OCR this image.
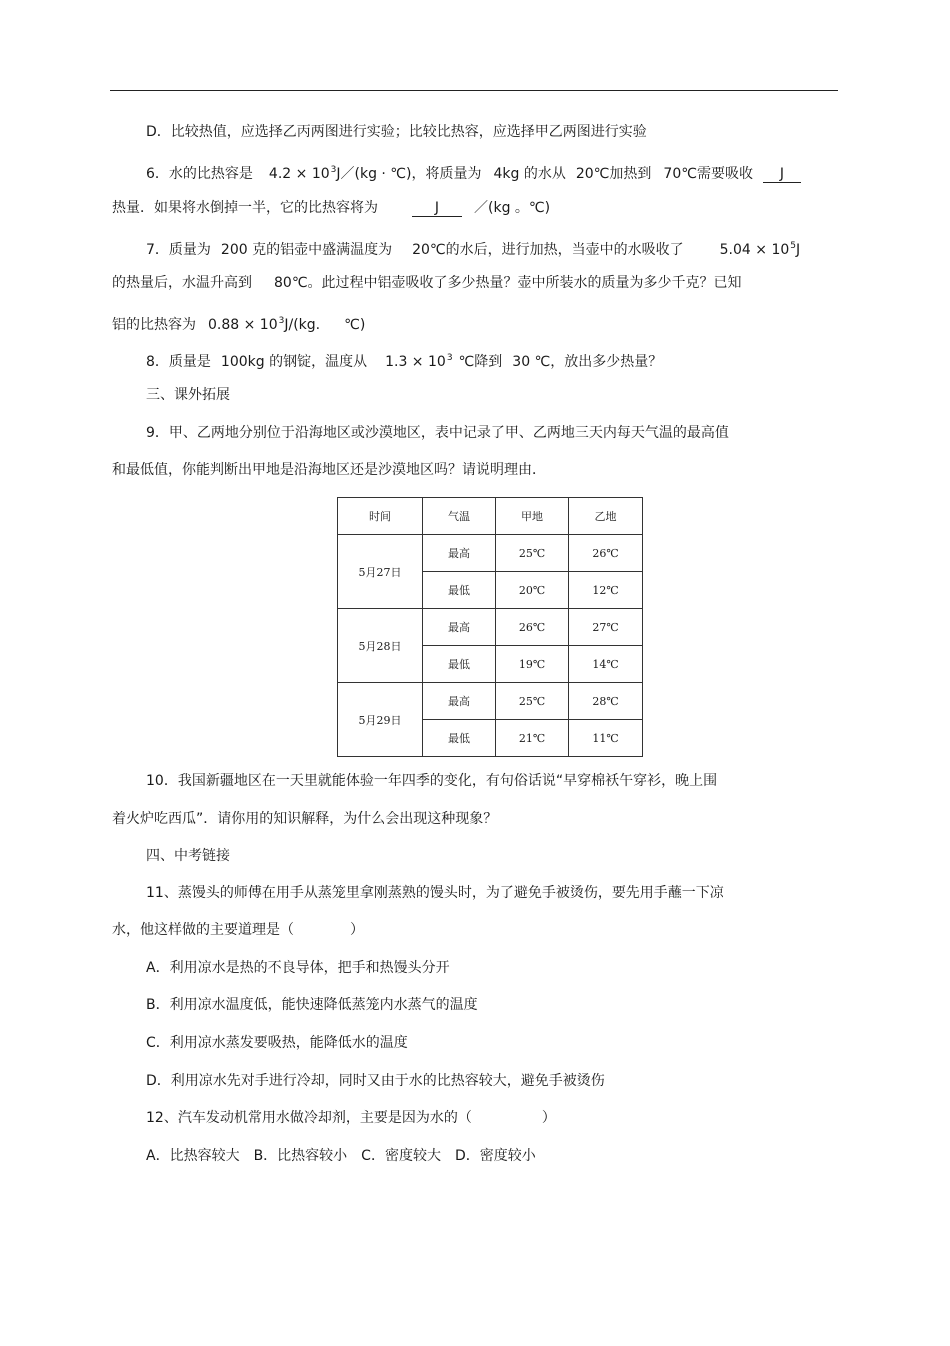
D．比较热值，应选择乙丙两图进行实验；比较比热容，应选择甲乙两图进行实验
6．水的比热容是 $4.2 \times 10^3J/(kg$ · ℃)，将质量为 4kg 的水从 20℃加热到 70℃需要吸收 J
热量．如果将水倒掉一半，它的比热容将为	J ／(kg 。℃)
7．质量为 200 克的铝壶中盛满温度为 20℃的水后，进行加热，当壶中的水吸收了	$5.04 \times 10^5J$
的热量后，水温升高到 80℃。此过程中铝壶吸收了多少热量？壶中所装水的质量为多少千克？已知
铝的比热容为 $0.88 \times 10^3J/(kg$. ℃)
8．质量是 100kg 的钢锭，温度从 $1.3 \times 10^3$ ℃降到 30 ℃，放出多少热量？
三、课外拓展
9．甲、乙两地分别位于沿海地区或沙漠地区，表中记录了甲、乙两地三天内每天气温的最高值
和最低值，你能判断出甲地是沿海地区还是沙漠地区吗？请说明理由．
时间	气温	甲地	乙地
5月27日	最高	25℃	26℃
	最低	20℃	12℃
5月28日	最高	26℃	27℃
	最低	19℃	14℃
5月29日	最高	25℃	28℃
	最低	21℃	11℃
10．我国新疆地区在一天里就能体验一年四季的变化，有句俗话说“早穿棉袄午穿衫，晚上围
着火炉吃西瓜”．请你用的知识解释，为什么会出现这种现象？
四、中考链接
11、蒸馒头的师傅在用手从蒸笼里拿刚蒸熟的馒头时，为了避免手被烫伤，要先用手蘸一下凉
水，他这样做的主要道理是（　　　　）
A．利用凉水是热的不良导体，把手和热馒头分开
B．利用凉水温度低，能快速降低蒸笼内水蒸气的温度
C．利用凉水蒸发要吸热，能降低水的温度
D．利用凉水先对手进行冷却，同时又由于水的比热容较大，避免手被烫伤
12、汽车发动机常用水做冷却剂，主要是因为水的（　　　　　）
A．比热容较大　B．比热容较小　C．密度较大　D．密度较小
